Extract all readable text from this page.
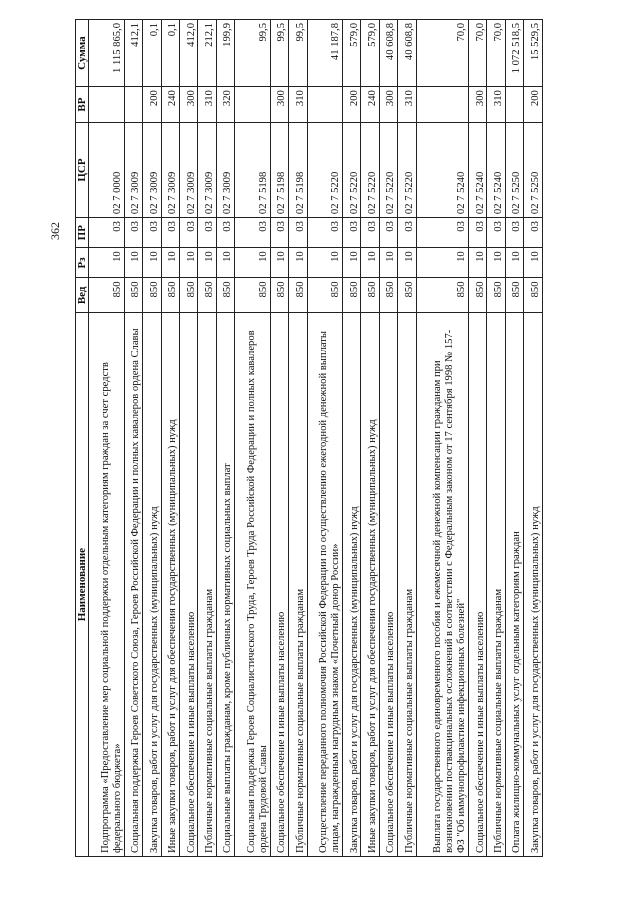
362
Наименование	Вед	Рз	ПР	ЦСР	ВР	Сумма
Подпрограмма «Предоставление мер социальной поддержки отдельным категориям граждан за счет средств федерального бюджета»	850	10	03	02 7 0000		1 115 865,0
Социальная поддержка Героев Советского Союза, Героев Российской Федерации и полных кавалеров ордена Славы	850	10	03	02 7 3009		412,1
Закупка товаров, работ и услуг для государственных (муниципальных) нужд	850	10	03	02 7 3009	200	0,1
Иные закупки товаров, работ и услуг для обеспечения государственных (муниципальных) нужд	850	10	03	02 7 3009	240	0,1
Социальное обеспечение и иные выплаты населению	850	10	03	02 7 3009	300	412,0
Публичные нормативные социальные выплаты гражданам	850	10	03	02 7 3009	310	212,1
Социальные выплаты гражданам, кроме публичных нормативных социальных выплат	850	10	03	02 7 3009	320	199,9
Социальная поддержка Героев Социалистического Труда, Героев Труда Российской Федерации и полных кавалеров ордена Трудовой Славы	850	10	03	02 7 5198		99,5
Социальное обеспечение и иные выплаты населению	850	10	03	02 7 5198	300	99,5
Публичные нормативные социальные выплаты гражданам	850	10	03	02 7 5198	310	99,5
Осуществление переданного полномочия Российской Федерации по осуществлению ежегодной денежной выплаты лицам, награжденным нагрудным знаком «Почетный донор России»	850	10	03	02 7 5220		41 187,8
Закупка товаров, работ и услуг для государственных (муниципальных) нужд	850	10	03	02 7 5220	200	579,0
Иные закупки товаров, работ и услуг для обеспечения государственных (муниципальных) нужд	850	10	03	02 7 5220	240	579,0
Социальное обеспечение и иные выплаты населению	850	10	03	02 7 5220	300	40 608,8
Публичные нормативные социальные выплаты гражданам	850	10	03	02 7 5220	310	40 608,8
Выплата государственного единовременного пособия и ежемесячной денежной компенсации гражданам при возникновении поствакцинальных осложнений в соответствии с Федеральным законом от 17 сентября 1998 № 157-ФЗ "Об иммунопрофилактике инфекционных болезней"	850	10	03	02 7 5240		70,0
Социальное обеспечение и иные выплаты населению	850	10	03	02 7 5240	300	70,0
Публичные нормативные социальные выплаты гражданам	850	10	03	02 7 5240	310	70,0
Оплата жилищно-коммунальных услуг отдельным категориям граждан	850	10	03	02 7 5250		1 072 518,5
Закупка товаров, работ и услуг для государственных (муниципальных) нужд	850	10	03	02 7 5250	200	15 529,5
